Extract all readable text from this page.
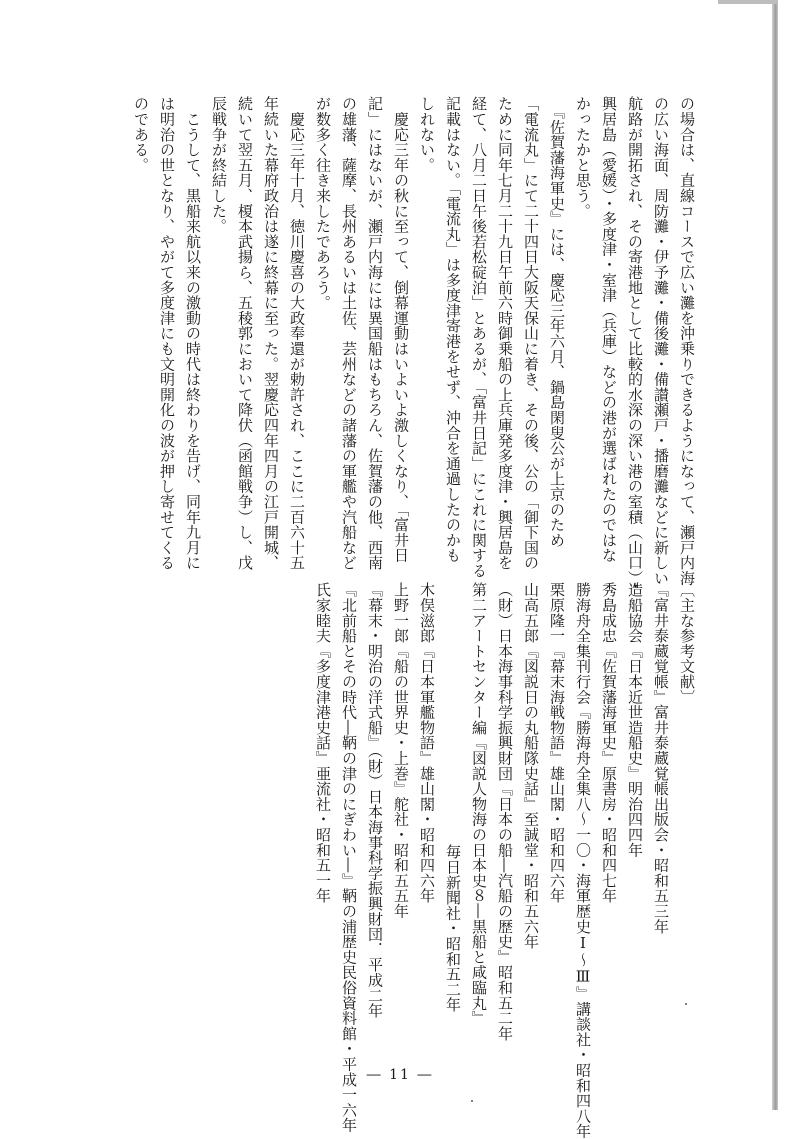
の場合は、直線コースで広い灘を沖乗りできるようになって、瀬戸内海
の広い海面、周防灘・伊予灘・備後灘・備讃瀬戸・播磨灘などに新しい
航路が開拓され、その寄港地として比較的水深の深い港の室積（山口）・
興居島（愛媛）・多度津・室津（兵庫）などの港が選ばれたのではな
かったかと思う。
　『佐賀藩海軍史』には、慶応三年六月、鍋島閑叟公が上京のため
「電流丸」にて二十四日大阪天保山に着き、その後、公の「御下国の
ために同年七月二十九日午前六時御乗船の上兵庫発多度津・興居島を
経て、八月二日午後若松碇泊」とあるが、「富井日記」にこれに関する
記載はない。「電流丸」は多度津寄港をせず、沖合を通過したのかも
しれない。
　慶応三年の秋に至って、倒幕運動はいよいよ激しくなり、「富井日
記」にはないが、瀬戸内海には異国船はもちろん、佐賀藩の他、西南
の雄藩、薩摩、長州あるいは土佐、芸州などの諸藩の軍艦や汽船など
が数多く往き来したであろう。
　慶応三年十月、徳川慶喜の大政奉還が勅許され、ここに二百六十五
年続いた幕府政治は遂に終幕に至った。翌慶応四年四月の江戸開城、
続いて翌五月、榎本武揚ら、五稜郭において降伏（函館戦争）し、戊
辰戦争が終結した。
　こうして、黒船来航以来の激動の時代は終わりを告げ、同年九月に
は明治の世となり、やがて多度津にも文明開化の波が押し寄せてくる
のである。
〔主な参考文献〕
『富井泰蔵覚帳』富井泰蔵覚帳出版会・昭和五三年
造船協会『日本近世造船史』明治四四年
秀島成忠『佐賀藩海軍史』原書房・昭和四七年
勝海舟全集刊行会『勝海舟全集八〜一〇・海軍歴史Ⅰ〜Ⅲ』講談社・昭和四八年
栗原隆一『幕末海戦物語』雄山閣・昭和四六年
山高五郎『図説日の丸船隊史話』至誠堂・昭和五六年
（財）日本海事科学振興財団『日本の船―汽船の歴史』昭和五二年
第二アートセンター編『図説人物海の日本史８―黒船と咸臨丸』
毎日新聞社・昭和五二年
木俣滋郎『日本軍艦物語』雄山閣・昭和四六年
上野一郎『船の世界史・上巻』舵社・昭和五五年
『幕末・明治の洋式船』（財）日本海事科学振興財団．平成二年
『北前船とその時代―鞆の津のにぎわい―』鞆の浦歴史民俗資料館・平成一六年
氏家睦夫『多度津港史話』亜流社・昭和五一年
― 11 ―
